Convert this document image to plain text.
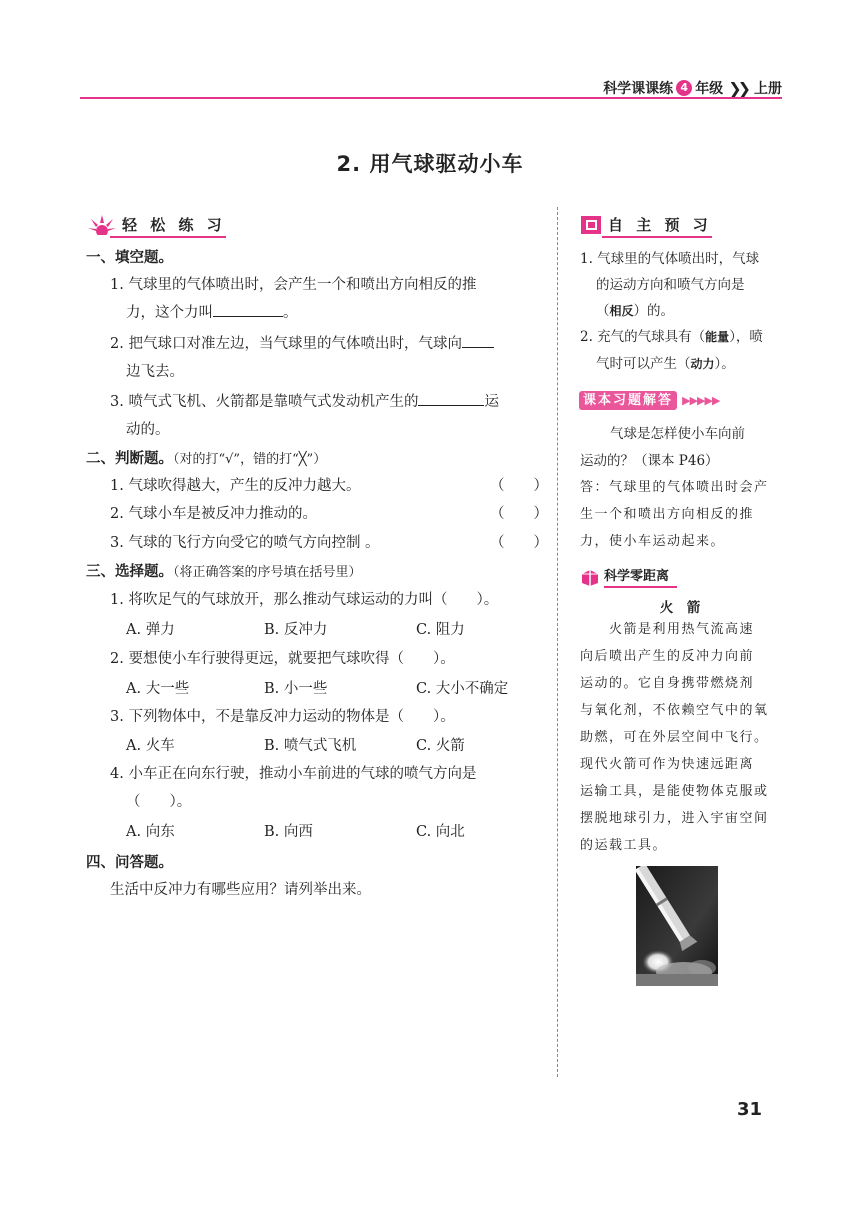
科学课课练 4 年级 ❯❯ 上册
2. 用气球驱动小车
轻 松 练 习
一、填空题。
1. 气球里的气体喷出时，会产生一个和喷出方向相反的推
力，这个力叫	。
2. 把气球口对准左边，当气球里的气体喷出时，气球向
边飞去。
3. 喷气式飞机、火箭都是靠喷气式发动机产生的	运
动的。
二、判断题。（对的打“√”，错的打“╳”）
1. 气球吹得越大，产生的反冲力越大。	（　　）
2. 气球小车是被反冲力推动的。	（　　）
3. 气球的飞行方向受它的喷气方向控制 。	（　　）
三、选择题。（将正确答案的序号填在括号里）
1. 将吹足气的气球放开，那么推动气球运动的力叫（　　）。
A. 弹力	B. 反冲力	C. 阻力
2. 要想使小车行驶得更远，就要把气球吹得（　　）。
A. 大一些	B. 小一些	C. 大小不确定
3. 下列物体中，不是靠反冲力运动的物体是（　　）。
A. 火车	B. 喷气式飞机	C. 火箭
4. 小车正在向东行驶，推动小车前进的气球的喷气方向是
（　　）。
A. 向东	B. 向西	C. 向北
四、问答题。
生活中反冲力有哪些应用？请列举出来。
自 主 预 习
1. 气球里的气体喷出时，气球
的运动方向和喷气方向是
（相反）的。
2. 充气的气球具有（能量），喷
气时可以产生（动力）。
课本习题解答 ▶▶▶▶▶
气球是怎样使小车向前
运动的？（课本 P46）
答：气球里的气体喷出时会产
生一个和喷出方向相反的推
力，使小车运动起来。
科学零距离
火　箭
　　火箭是利用热气流高速
向后喷出产生的反冲力向前
运动的。它自身携带燃烧剂
与氧化剂，不依赖空气中的氧
助燃，可在外层空间中飞行。
现代火箭可作为快速远距离
运输工具，是能使物体克服或
摆脱地球引力，进入宇宙空间
的运载工具。
31
